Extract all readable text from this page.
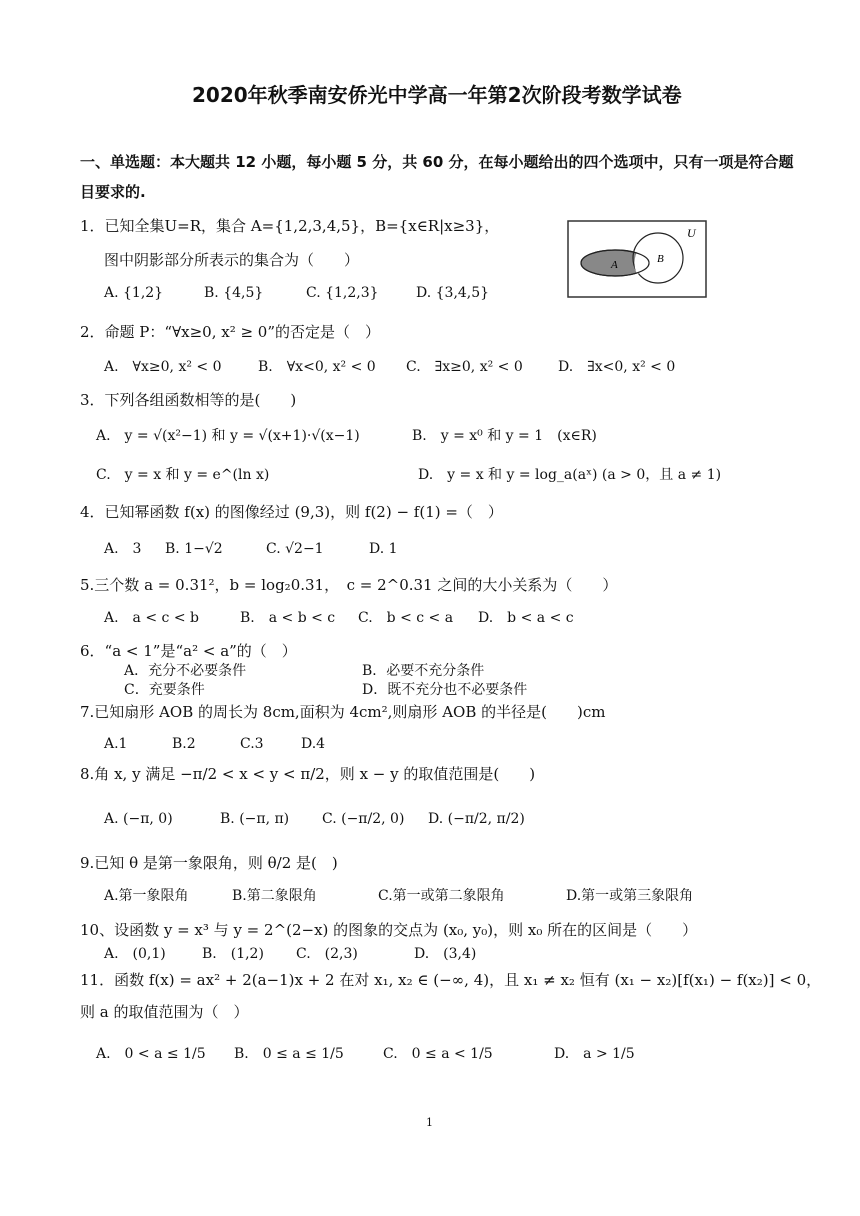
2020年秋季南安侨光中学高一年第2次阶段考数学试卷
一、单选题：本大题共 12 小题，每小题 5 分，共 60 分，在每小题给出的四个选项中，只有一项是符合题
目要求的.
1．已知全集U=R，集合 A={1,2,3,4,5}，B={x∈R|x≥3}，
图中阴影部分所表示的集合为（　　）
A. {1,2}	B. {4,5}	C. {1,2,3}	D. {3,4,5}
U
A	B
2．命题 P：“∀x≥0, x² ≥ 0”的否定是（　）
A.　∀x≥0, x² < 0	B.　∀x<0, x² < 0 C.　∃x≥0, x² < 0	D.　∃x<0, x² < 0
3．下列各组函数相等的是(　　)
A.　y = √(x²−1) 和 y = √(x+1)·√(x−1)	B.　y = x⁰ 和 y = 1　(x∈R)
C.　y = x 和 y = e^(ln x)	D.　y = x 和 y = log_a(aˣ) (a > 0，且 a ≠ 1)
4．已知幂函数 f(x) 的图像经过 (9,3)，则 f(2) − f(1) =（　）
A.　3 B. 1−√2	C. √2−1	D. 1
5.三个数 a = 0.31²，b = log₂0.31，　c = 2^0.31 之间的大小关系为（　　）
A.　a < c < b	B.　a < b < c C.　b < c < a D.　b < a < c
6．“a < 1”是“a² < a”的（　）
A．充分不必要条件	B．必要不充分条件
C．充要条件	D．既不充分也不必要条件
7.已知扇形 AOB 的周长为 8cm,面积为 4cm²,则扇形 AOB 的半径是(　　)cm
A.1	B.2	C.3	D.4
8.角 x, y 满足 −π/2 < x < y < π/2，则 x − y 的取值范围是(　　)
A. (−π, 0)	B. (−π, π) C. (−π/2, 0) D. (−π/2, π/2)
9.已知 θ 是第一象限角，则 θ/2 是(　)
A.第一象限角	B.第二象限角	C.第一或第二象限角	D.第一或第三象限角
10、设函数 y = x³ 与 y = 2^(2−x) 的图象的交点为 (x₀, y₀)，则 x₀ 所在的区间是（　　）
A.　(0,1)	B.　(1,2) C.　(2,3)	D.　(3,4)
11．函数 f(x) = ax² + 2(a−1)x + 2 在对 x₁, x₂ ∈ (−∞, 4)，且 x₁ ≠ x₂ 恒有 (x₁ − x₂)[f(x₁) − f(x₂)] < 0，
则 a 的取值范围为（　）
A.　0 < a ≤ 1/5 B.　0 ≤ a ≤ 1/5	C.　0 ≤ a < 1/5	D.　a > 1/5
1
